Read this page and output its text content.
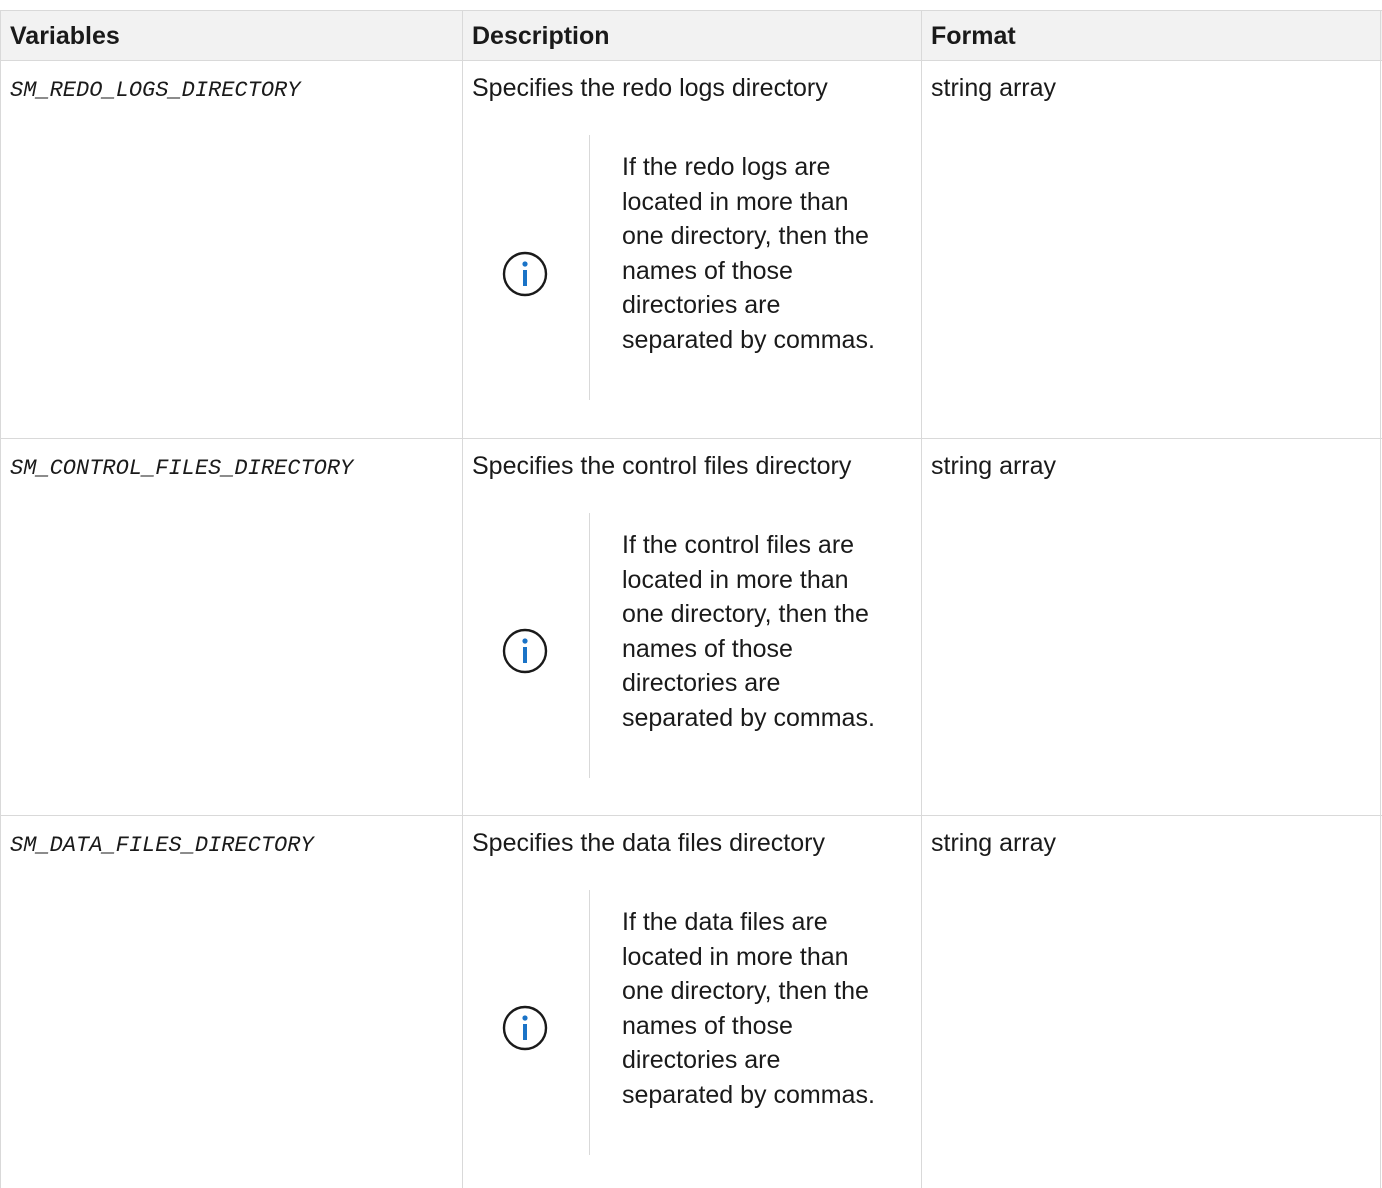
Variables	Description	Format
SM_REDO_LOGS_DIRECTORY	Specifies the redo logs directory	string array
If the redo logs are located in more than one directory, then the names of those directories are separated by commas.
SM_CONTROL_FILES_DIRECTORY	Specifies the control files directory	string array
If the control files are located in more than one directory, then the names of those directories are separated by commas.
SM_DATA_FILES_DIRECTORY	Specifies the data files directory	string array
If the data files are located in more than one directory, then the names of those directories are separated by commas.
